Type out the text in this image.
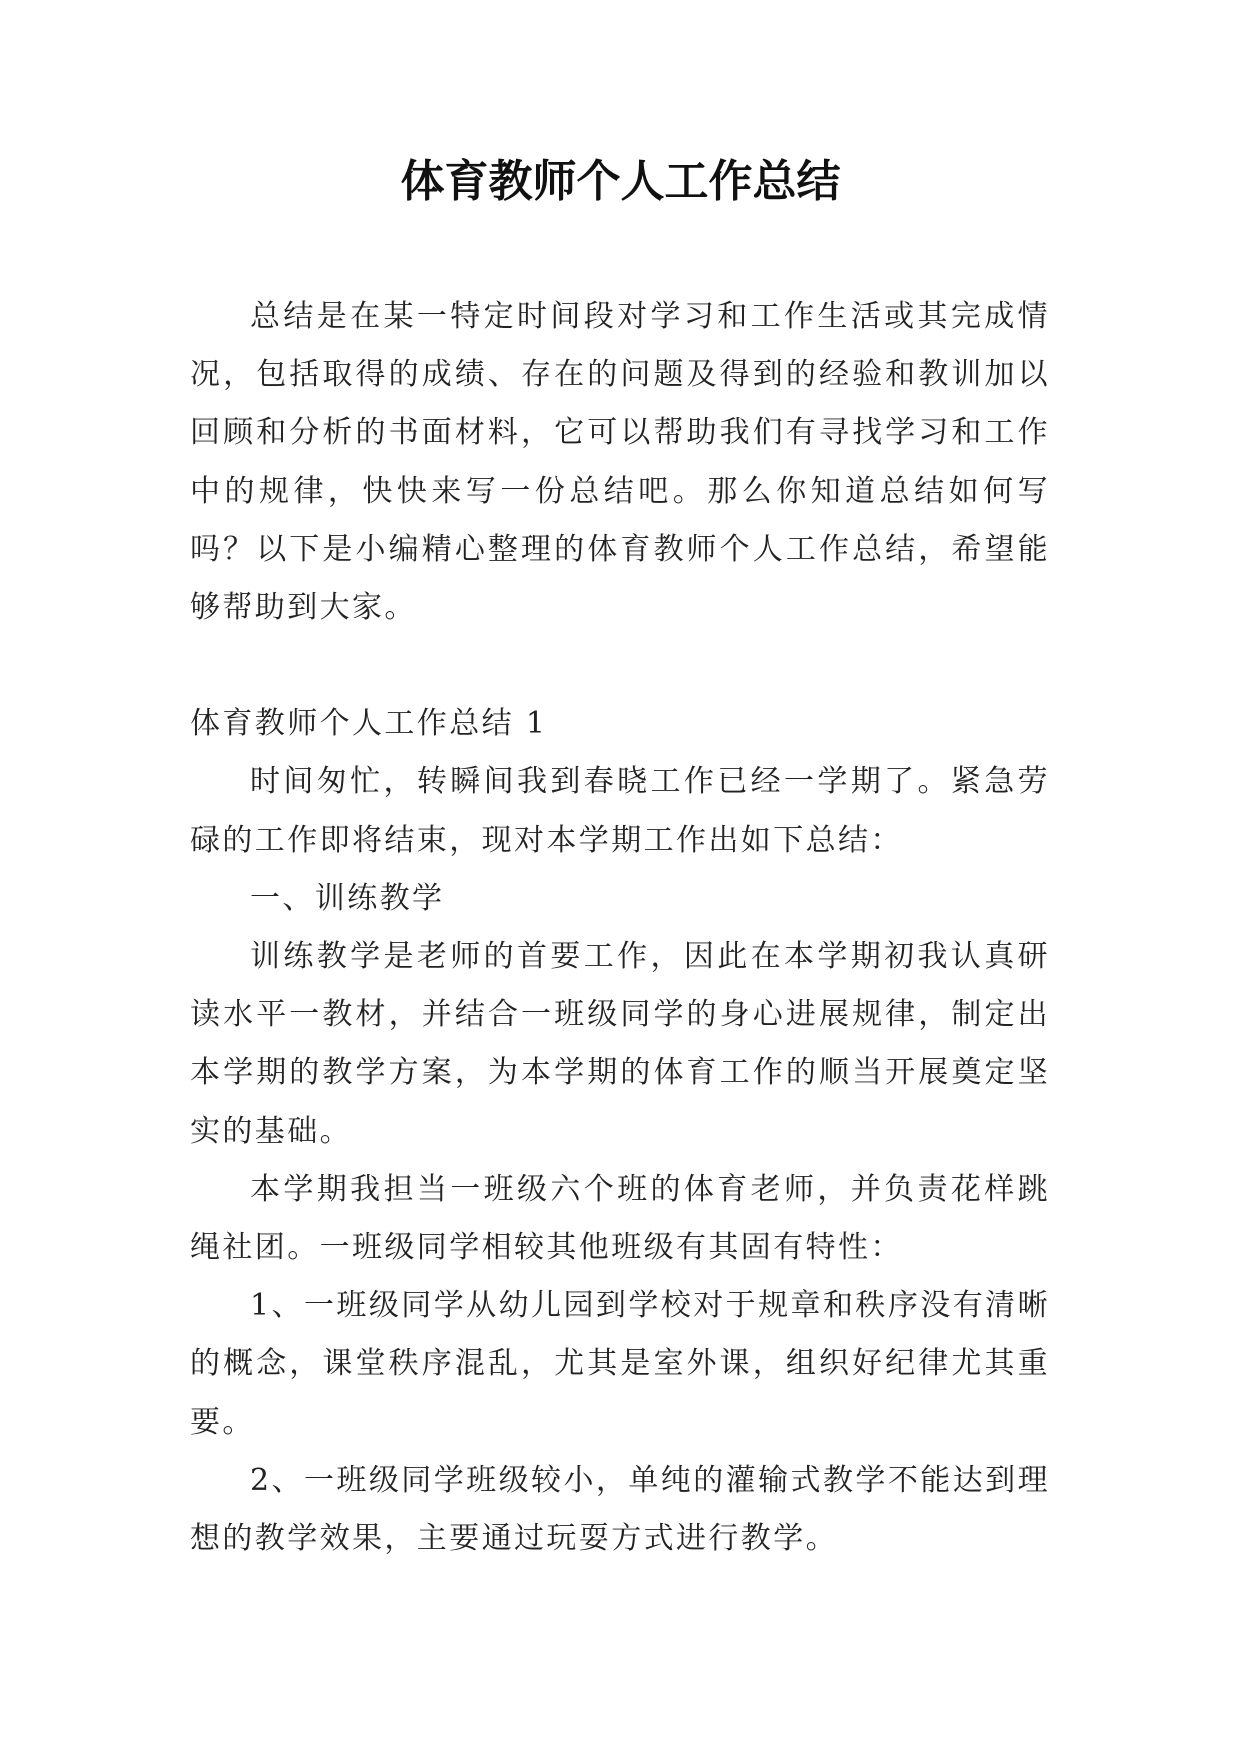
体育教师个人工作总结

总结是在某一特定时间段对学习和工作生活或其完成情况，包括取得的成绩、存在的问题及得到的经验和教训加以回顾和分析的书面材料，它可以帮助我们有寻找学习和工作中的规律，快快来写一份总结吧。那么你知道总结如何写吗？以下是小编精心整理的体育教师个人工作总结，希望能够帮助到大家。

体育教师个人工作总结 1

时间匆忙，转瞬间我到春晓工作已经一学期了。紧急劳碌的工作即将结束，现对本学期工作出如下总结：

一、训练教学

训练教学是老师的首要工作，因此在本学期初我认真研读水平一教材，并结合一班级同学的身心进展规律，制定出本学期的教学方案，为本学期的体育工作的顺当开展奠定坚实的基础。

本学期我担当一班级六个班的体育老师，并负责花样跳绳社团。一班级同学相较其他班级有其固有特性：

1、一班级同学从幼儿园到学校对于规章和秩序没有清晰的概念，课堂秩序混乱，尤其是室外课，组织好纪律尤其重要。

2、一班级同学班级较小，单纯的灌输式教学不能达到理想的教学效果，主要通过玩耍方式进行教学。
